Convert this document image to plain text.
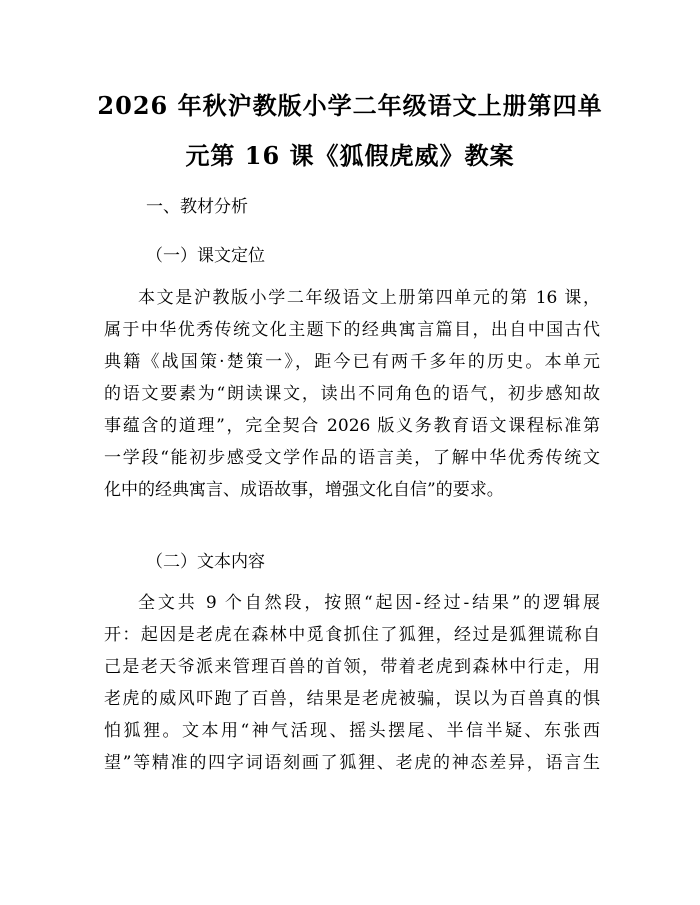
2026 年秋沪教版小学二年级语文上册第四单
元第 16 课《狐假虎威》教案
一、教材分析
（一）课文定位
本文是沪教版小学二年级语文上册第四单元的第 16 课，
属于中华优秀传统文化主题下的经典寓言篇目，出自中国古代
典籍《战国策·楚策一》，距今已有两千多年的历史。本单元
的语文要素为“朗读课文，读出不同角色的语气，初步感知故
事蕴含的道理”，完全契合 2026 版义务教育语文课程标准第
一学段“能初步感受文学作品的语言美，了解中华优秀传统文
化中的经典寓言、成语故事，增强文化自信”的要求。
（二）文本内容
全文共 9 个自然段，按照“起因-经过-结果”的逻辑展
开：起因是老虎在森林中觅食抓住了狐狸，经过是狐狸谎称自
己是老天爷派来管理百兽的首领，带着老虎到森林中行走，用
老虎的威风吓跑了百兽，结果是老虎被骗，误以为百兽真的惧
怕狐狸。文本用“神气活现、摇头摆尾、半信半疑、东张西
望”等精准的四字词语刻画了狐狸、老虎的神态差异，语言生
